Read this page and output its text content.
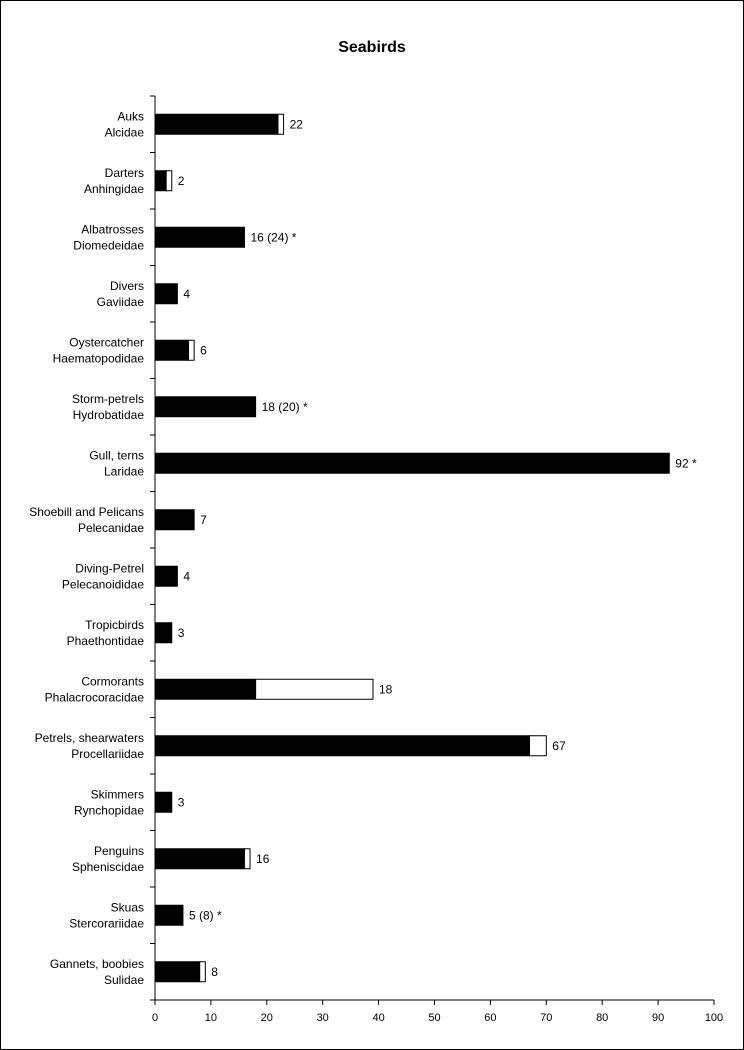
Seabirds
0	10	20	30	40	50	60	70	80	90	100
22
2
16 (24) *
4
6
18 (20) *
92 *
7
4
3
18
67
3
16
5 (8) *
8
Auks
Alcidae
Darters
Anhingidae
Albatrosses
Diomedeidae
Divers
Gaviidae
Oystercatcher
Haematopodidae
Storm-petrels
Hydrobatidae
Gull, terns
Laridae
Shoebill and Pelicans
Pelecanidae
Diving-Petrel
Pelecanoididae
Tropicbirds
Phaethontidae
Cormorants
Phalacrocoracidae
Petrels, shearwaters
Procellariidae
Skimmers
Rynchopidae
Penguins
Spheniscidae
Skuas
Stercorariidae
Gannets, boobies
Sulidae
